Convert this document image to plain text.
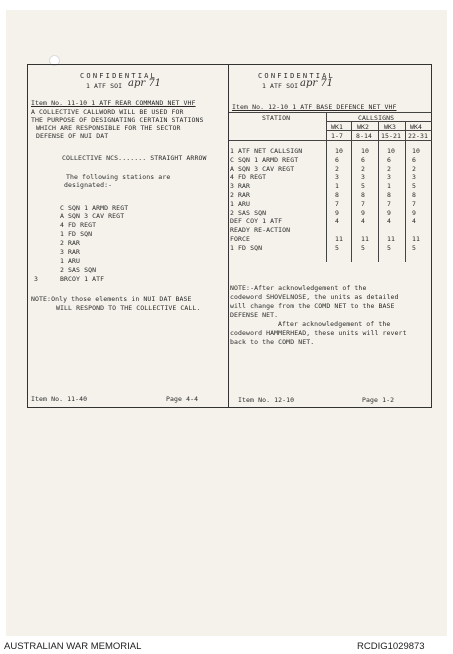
CONFIDENTIAL
1 ATF SOI apr 71
Item No. 11-10 1 ATF REAR COMMAND NET VHF
A COLLECTIVE CALLWORD WILL BE USED FOR
THE PURPOSE OF DESIGNATING CERTAIN STATIONS
WHICH ARE RESPONSIBLE FOR THE SECTOR
DEFENSE OF NUI DAT
COLLECTIVE NCS....... STRAIGHT ARROW
The following stations are
designated:-
C SQN 1 ARMD REGT
A SQN 3 CAV REGT
4 FD REGT
1 FD SQN
2 RAR
3 RAR
1 ARU
2 SAS SQN
BRCOY 1 ATF
3
NOTE:Only those elements in NUI DAT BASE
WILL RESPOND TO THE COLLECTIVE CALL.
Item No. 11-40	Page 4-4
CONFIDENTIAL
1 ATF SOI apr 71
Item No. 12-10 1 ATF BASE DEFENCE NET VHF
STATION	CALLSIGNS
WK1 WK2 WK3 WK4
1-7 8-14 15-21 22-31
1 ATF NET CALLSIGN	10	10	10	10
C SQN 1 ARMD REGT	6	6	6	6
A SQN 3 CAV REGT	2	2	2	2
4 FD REGT	3	3	3	3
3 RAR	1	5	1	5
2 RAR	8	8	8	8
1 ARU	7	7	7	7
2 SAS SQN	9	9	9	9
DEF COY 1 ATF	4	4	4	4
READY RE-ACTION
FORCE	11	11	11	11
1 FD SQN	5	5	5	5
NOTE:-After acknowledgement of the
codeword SHOVELNOSE, the units as detailed
will change from the COMD NET to the BASE
DEFENSE NET.
After acknowledgement of the
codeword HAMMERHEAD, these units will revert
back to the COMD NET.
Item No. 12-10	Page 1-2
AUSTRALIAN WAR MEMORIAL	RCDIG1029873
